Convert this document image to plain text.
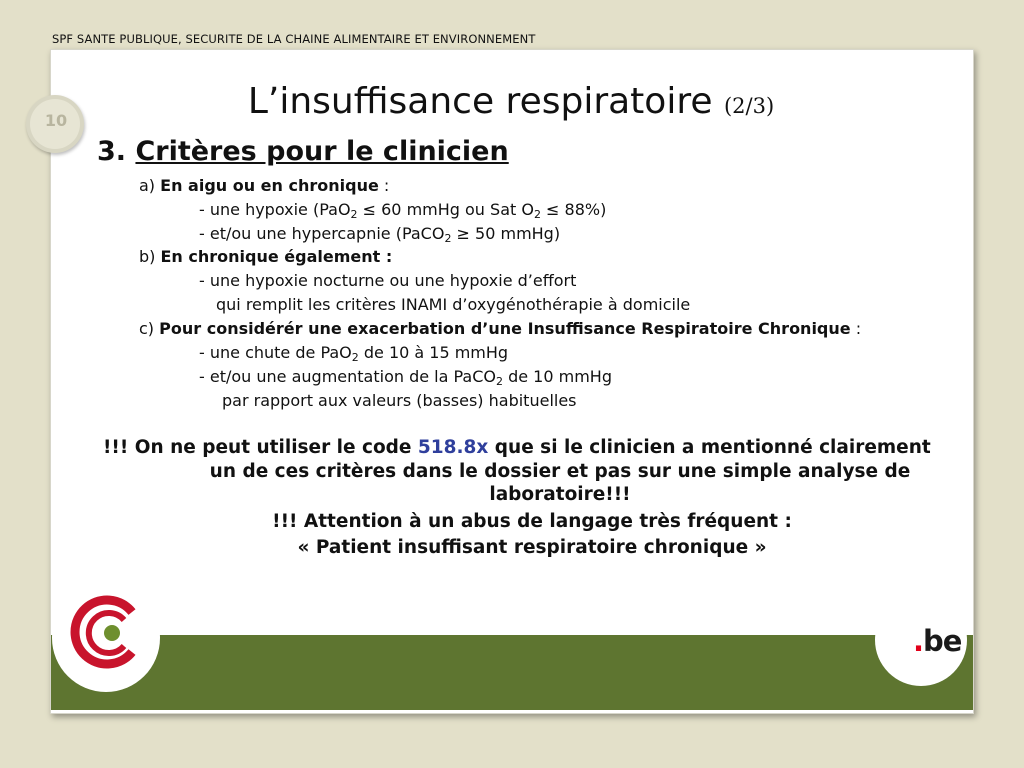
SPF SANTE PUBLIQUE, SECURITE DE LA CHAINE ALIMENTAIRE ET ENVIRONNEMENT
10	L’insuffisance respiratoire (2/3)
3. Critères pour le clinicien
a) En aigu ou en chronique :
- une hypoxie (PaO$_2$ ≤ 60 mmHg ou Sat $O_2 \le 88\%$)
- et/ou une hypercapnie (PaCO$_2$ ≥ 50 mmHg)
b) En chronique également :
- une hypoxie nocturne ou une hypoxie d’effort
qui remplit les critères INAMI d’oxygénothérapie à domicile
c) Pour considérér une exacerbation d’une Insuffisance Respiratoire Chronique :
- une chute de PaO$_2$ de 10 à 15 mmHg
- et/ou une augmentation de la PaCO$_2$ de 10 mmHg
par rapport aux valeurs (basses) habituelles
!!! On ne peut utiliser le code 518.8x que si le clinicien a mentionné clairement
un de ces critères dans le dossier et pas sur une simple analyse de
laboratoire!!!
!!! Attention à un abus de langage très fréquent :
« Patient insuffisant respiratoire chronique »
.be
